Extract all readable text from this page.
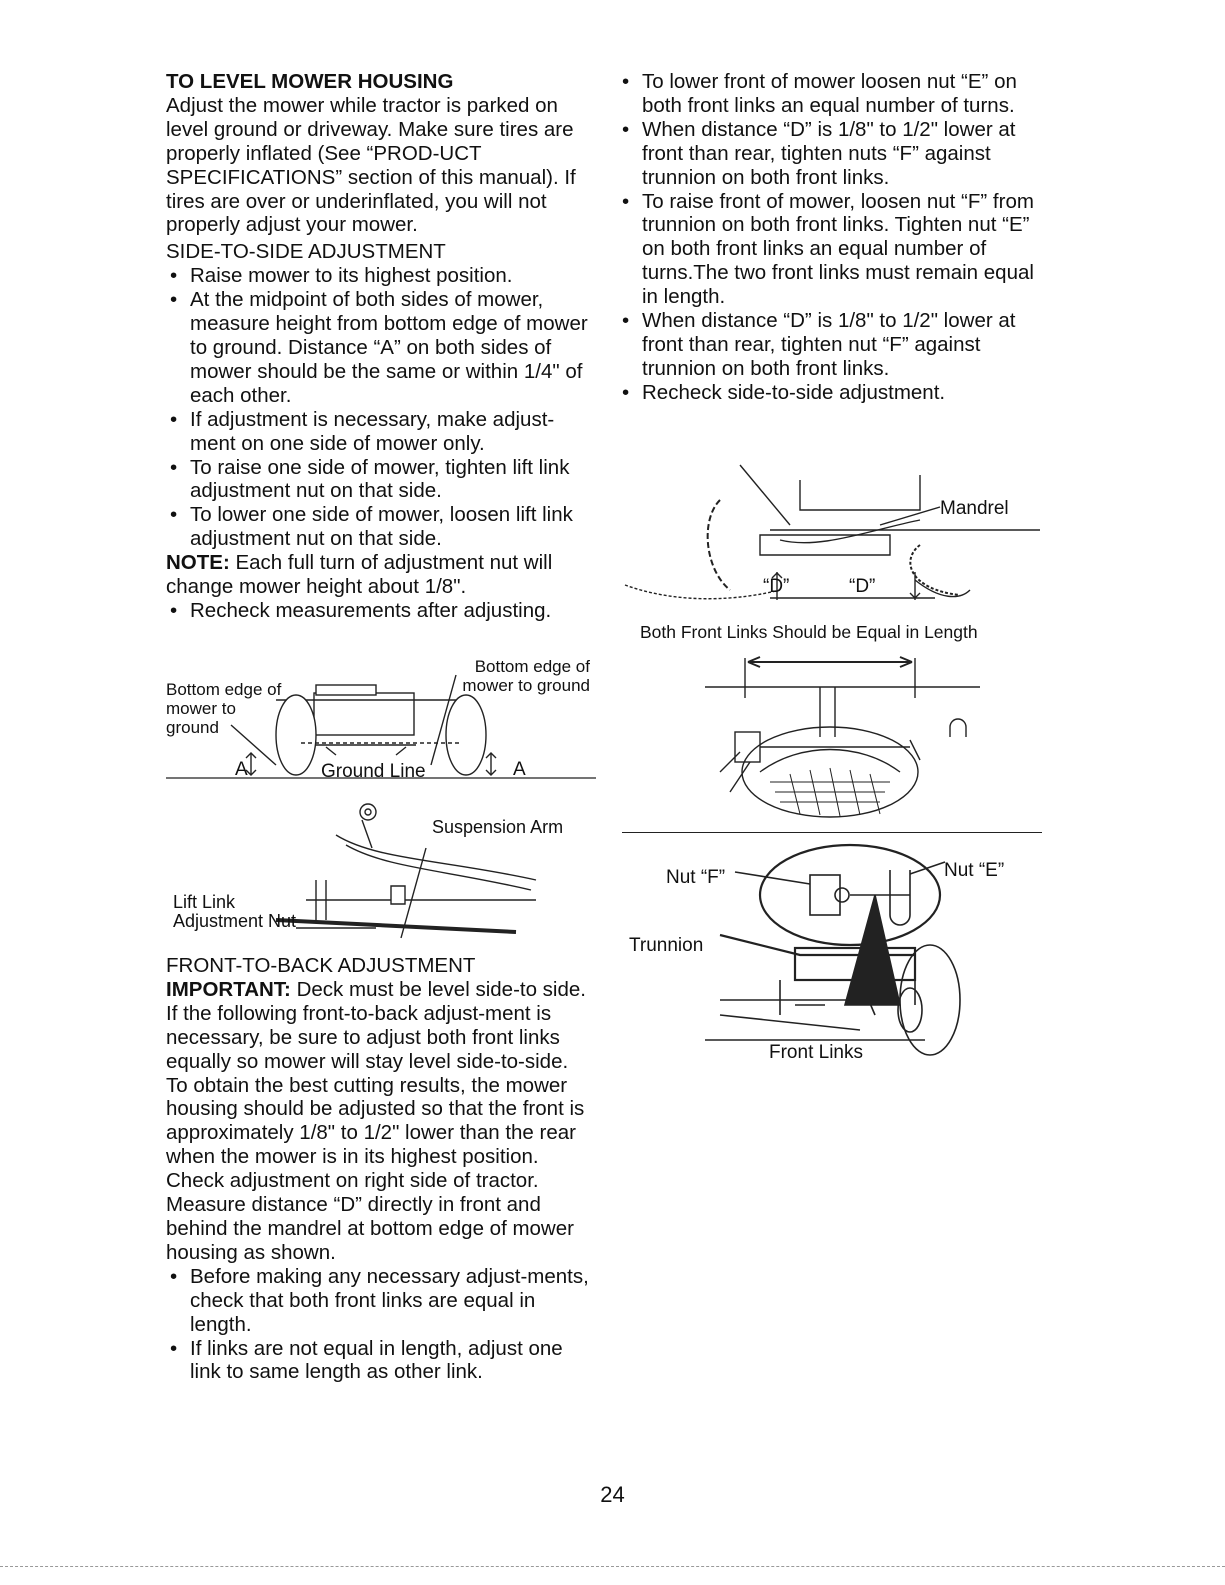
TO LEVEL MOWER HOUSING

Adjust the mower while tractor is parked on level ground or driveway. Make sure tires are properly inflated (See “PROD-UCT SPECIFICATIONS” section of this manual). If tires are over or underinflated, you will not properly adjust your mower.

SIDE-TO-SIDE ADJUSTMENT

• Raise mower to its highest position.

• At the midpoint of both sides of mower, measure height from bottom edge of mower to ground. Distance “A” on both sides of mower should be the same or within 1/4" of each other.

• If adjustment is necessary, make adjust-ment on one side of mower only.

• To raise one side of mower, tighten lift link adjustment nut on that side.

• To lower one side of mower, loosen lift link adjustment nut on that side.

NOTE: Each full turn of adjustment nut will change mower height about 1/8".

• Recheck measurements after adjusting.

Bottom edge of mower to ground
Bottom edge of mower to ground
Ground Line
A	A
Suspension Arm
Lift Link Adjustment Nut

FRONT-TO-BACK ADJUSTMENT

IMPORTANT: Deck must be level side-to side. If the following front-to-back adjust-ment is necessary, be sure to adjust both front links equally so mower will stay level side-to-side.

To obtain the best cutting results, the mower housing should be adjusted so that the front is approximately 1/8" to 1/2" lower than the rear when the mower is in its highest position.

Check adjustment on right side of tractor. Measure distance “D” directly in front and behind the mandrel at bottom edge of mower housing as shown.

• Before making any necessary adjust-ments, check that both front links are equal in length.

• If links are not equal in length, adjust one link to same length as other link.

• To lower front of mower loosen nut “E” on both front links an equal number of turns.

• When distance “D” is 1/8" to 1/2" lower at front than rear, tighten nuts “F” against trunnion on both front links.

• To raise front of mower, loosen nut “F” from trunnion on both front links. Tighten nut “E” on both front links an equal number of turns.The two front links must remain equal in length.

• When distance “D” is 1/8" to 1/2" lower at front than rear, tighten nut “F” against trunnion on both front links.

• Recheck side-to-side adjustment.

Mandrel
“D”	“D”
Both Front Links Should be Equal in Length
Nut “F”	Nut “E”
Trunnion
Front Links
24
